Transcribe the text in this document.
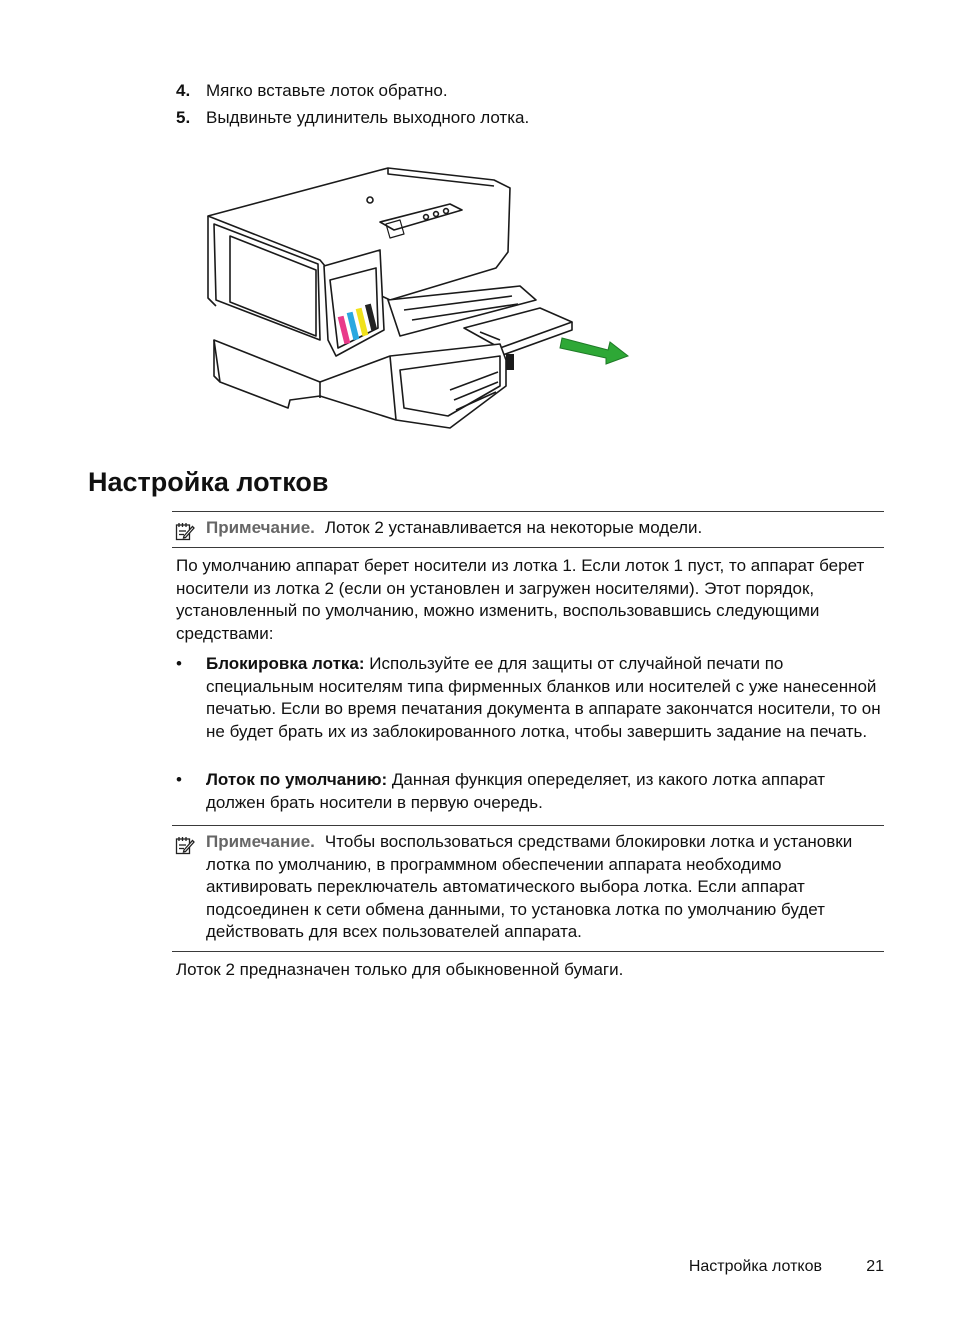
4. Мягко вставьте лоток обратно.
5. Выдвиньте удлинитель выходного лотка.
Настройка лотков
Примечание. Лоток 2 устанавливается на некоторые модели.
По умолчанию аппарат берет носители из лотка 1. Если лоток 1 пуст, то аппарат берет носители из лотка 2 (если он установлен и загружен носителями). Этот порядок, установленный по умолчанию, можно изменить, воспользовавшись следующими средствами:
• Блокировка лотка: Используйте ее для защиты от случайной печати по специальным носителям типа фирменных бланков или носителей с уже нанесенной печатью. Если во время печатания документа в аппарате закончатся носители, то он не будет брать их из заблокированного лотка, чтобы завершить задание на печать.
• Лоток по умолчанию: Данная функция опеределяет, из какого лотка аппарат должен брать носители в первую очередь.
Примечание. Чтобы воспользоваться средствами блокировки лотка и установки лотка по умолчанию, в программном обеспечении аппарата необходимо активировать переключатель автоматического выбора лотка. Если аппарат подсоединен к сети обмена данными, то установка лотка по умолчанию будет действовать для всех пользователей аппарата.
Лоток 2 предназначен только для обыкновенной бумаги.
Настройка лотков	21
